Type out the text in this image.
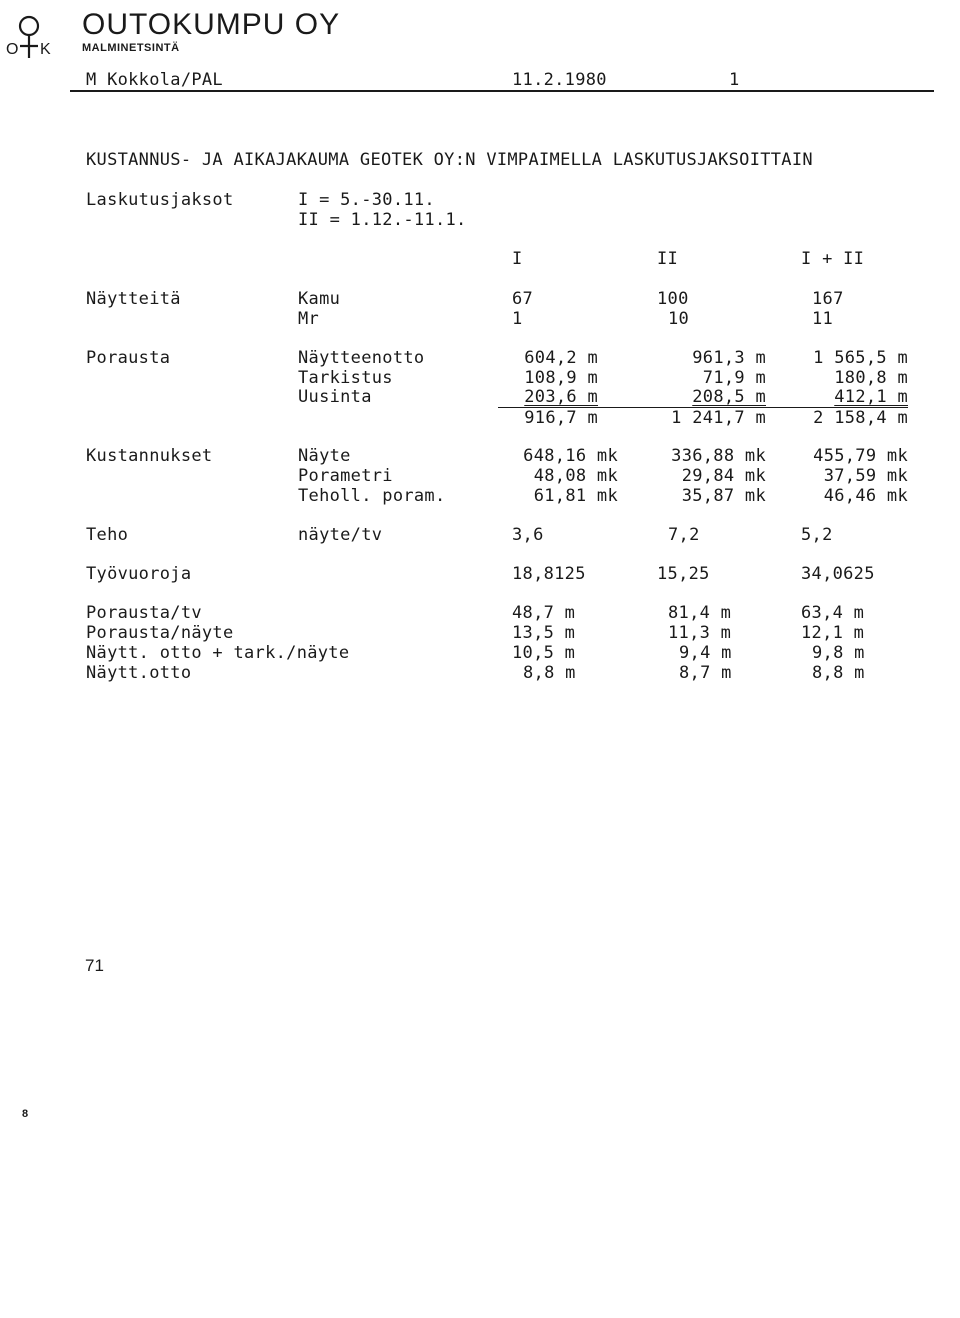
O K
OUTOKUMPU OY
MALMINETSINTÄ
M Kokkola/PAL	11.2.1980	1
KUSTANNUS- JA AIKAJAKAUMA GEOTEK OY:N VIMPAIMELLA LASKUTUSJAKSOITTAIN
Laskutusjaksot	I = 5.-30.11.
II = 1.12.-11.1.
I	II	I + II
Näytteitä	Kamu	67	100	167
Mr	1	10	11
Porausta	Näytteenotto	604,2 m	961,3 m	1 565,5 m
Tarkistus	108,9 m	71,9 m	180,8 m
Uusinta	203,6 m	208,5 m	412,1 m
916,7 m	1 241,7 m	2 158,4 m
Kustannukset	Näyte	648,16 mk	336,88 mk	455,79 mk
Porametri	48,08 mk	29,84 mk	37,59 mk
Teholl. poram.	61,81 mk	35,87 mk	46,46 mk
Teho	näyte/tv	3,6	7,2	5,2
Työvuoroja	18,8125	15,25	34,0625
Porausta/tv	48,7 m	81,4 m	63,4 m
Porausta/näyte	13,5 m	11,3 m	12,1 m
Näytt. otto + tark./näyte	10,5 m	9,4 m	9,8 m
Näytt.otto	8,8 m	8,7 m	8,8 m
71
8
